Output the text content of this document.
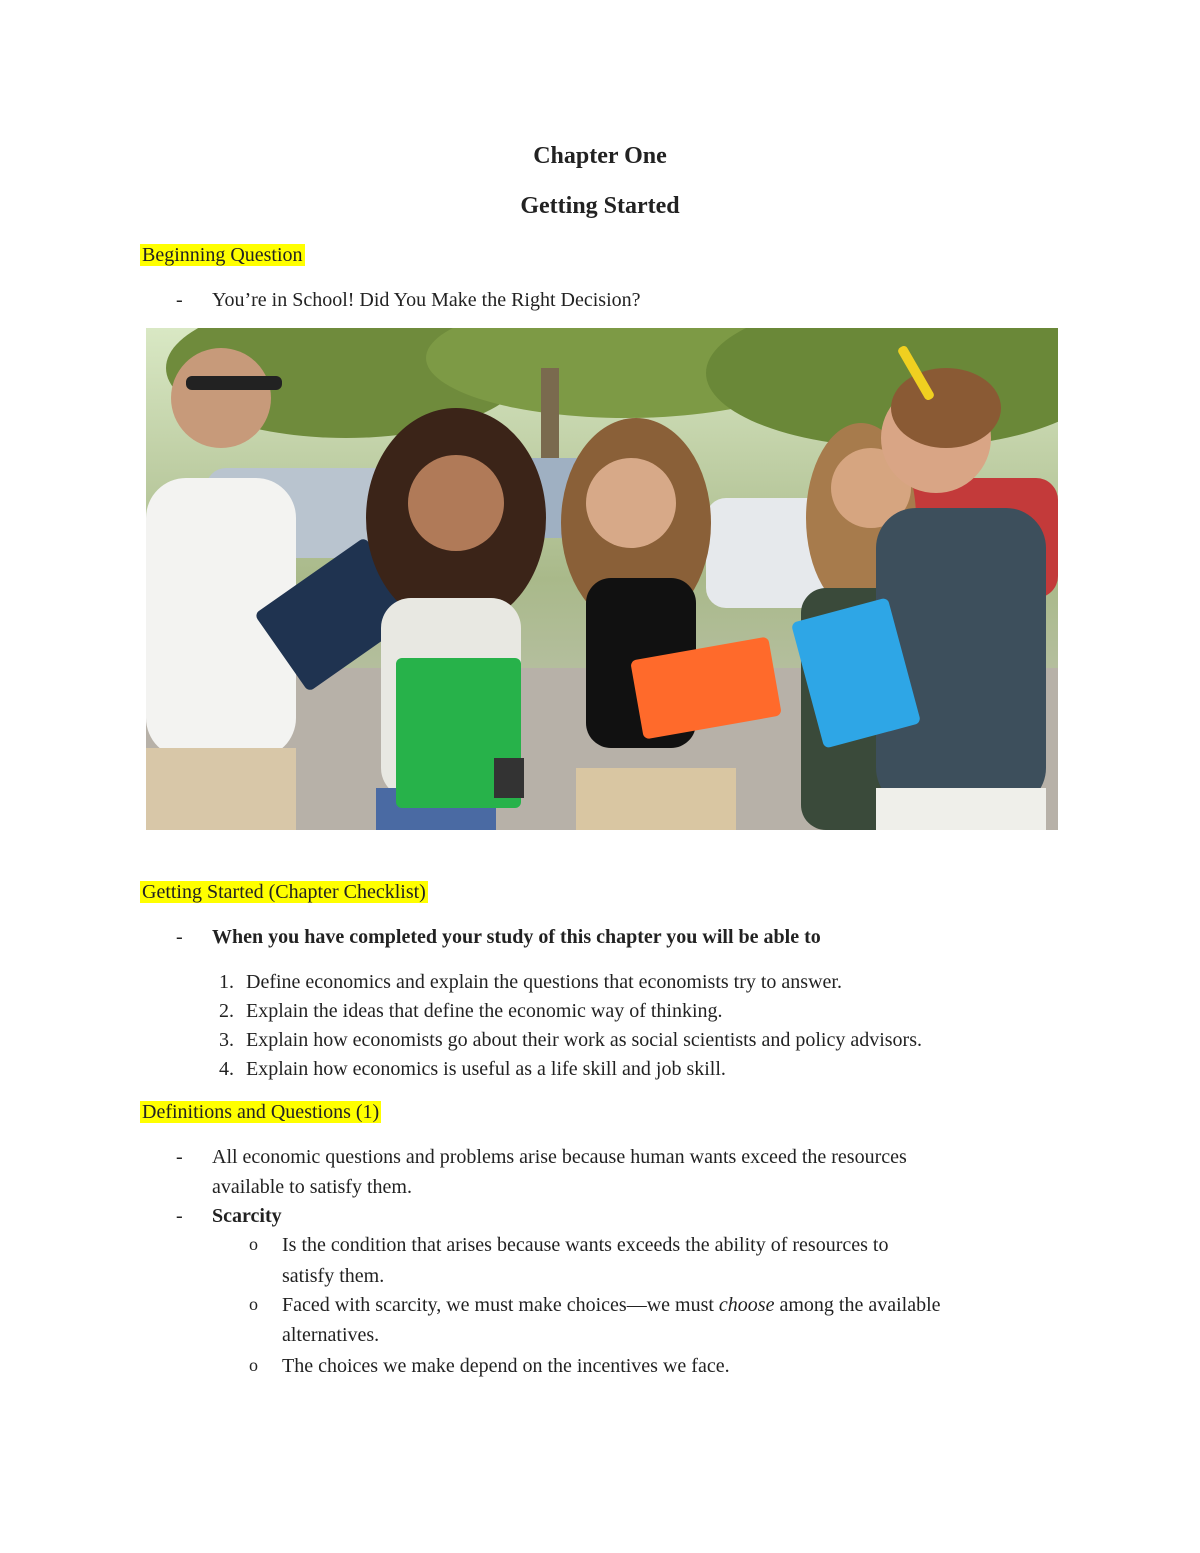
Chapter One
Getting Started
Beginning Question
- You’re in School! Did You Make the Right Decision?
Getting Started (Chapter Checklist)
- When you have completed your study of this chapter you will be able to
1. Define economics and explain the questions that economists try to answer.
2. Explain the ideas that define the economic way of thinking.
3. Explain how economists go about their work as social scientists and policy advisors.
4. Explain how economics is useful as a life skill and job skill.
Definitions and Questions (1)
- All economic questions and problems arise because human wants exceed the resources
available to satisfy them.
- Scarcity
o Is the condition that arises because wants exceeds the ability of resources to
satisfy them.
o Faced with scarcity, we must make choices—we must choose among the available
alternatives.
o The choices we make depend on the incentives we face.
